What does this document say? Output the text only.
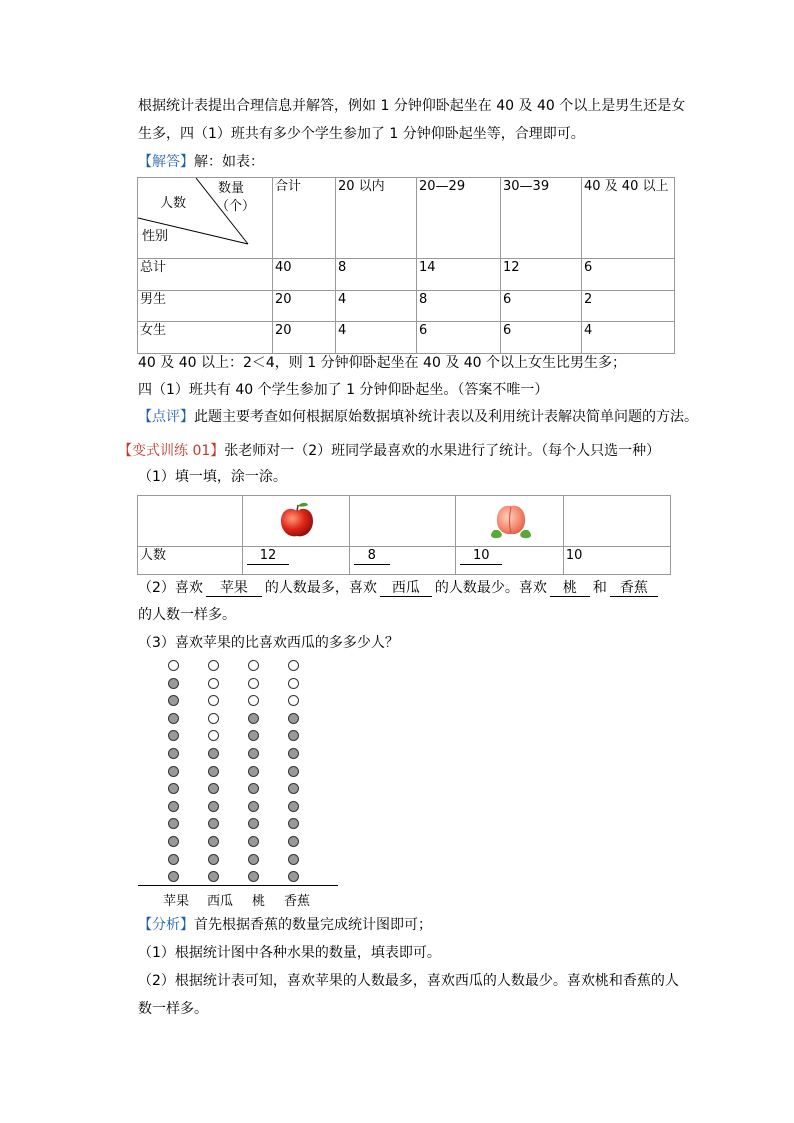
根据统计表提出合理信息并解答，例如 1 分钟仰卧起坐在 40 及 40 个以上是男生还是女
生多，四（1）班共有多少个学生参加了 1 分钟仰卧起坐等，合理即可。
【解答】解：如表：
数量
（个）
人数
性别	合计	20 以内	20—29	30—39	40 及 40 以上
总计	40	8	14	12	6
男生	20	4	8	6	2
女生	20	4	6	6	4
40 及 40 以上：2＜4，则 1 分钟仰卧起坐在 40 及 40 个以上女生比男生多；
四（1）班共有 40 个学生参加了 1 分钟仰卧起坐。（答案不唯一）
【点评】此题主要考查如何根据原始数据填补统计表以及利用统计表解决简单问题的方法。
【变式训练 01】张老师对一（2）班同学最喜欢的水果进行了统计。（每个人只选一种）
（1）填一填，涂一涂。

人数	12	8	10	10
（2）喜欢 苹果 的人数最多，喜欢 西瓜 的人数最少。喜欢 桃 和 香蕉
的人数一样多。
（3）喜欢苹果的比喜欢西瓜的多多少人？
苹果 西瓜 桃 香蕉
【分析】首先根据香蕉的数量完成统计图即可；
（1）根据统计图中各种水果的数量，填表即可。
（2）根据统计表可知，喜欢苹果的人数最多，喜欢西瓜的人数最少。喜欢桃和香蕉的人
数一样多。
